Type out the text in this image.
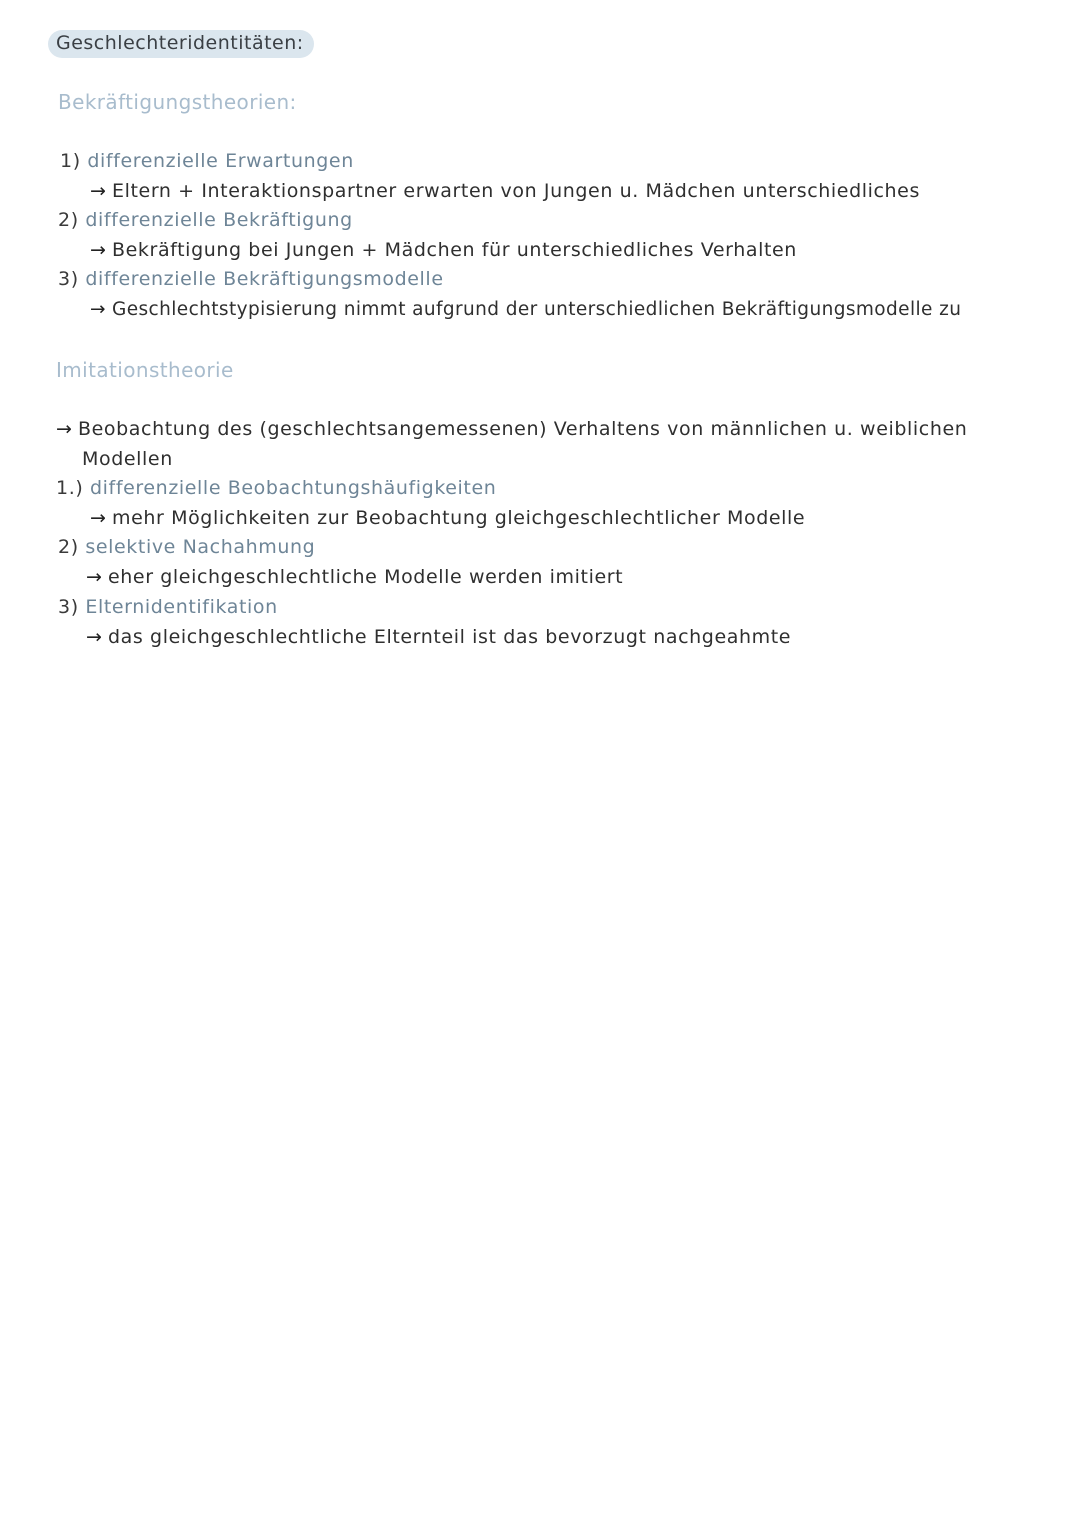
Geschlechteridentitäten:
Bekräftigungstheorien:
1) differenzielle Erwartungen
→ Eltern + Interaktionspartner erwarten von Jungen u. Mädchen unterschiedliches
2) differenzielle Bekräftigung
→ Bekräftigung bei Jungen + Mädchen für unterschiedliches Verhalten
3) differenzielle Bekräftigungsmodelle
→ Geschlechtstypisierung nimmt aufgrund der unterschiedlichen Bekräftigungsmodelle zu
Imitationstheorie
→ Beobachtung des (geschlechtsangemessenen) Verhaltens von männlichen u. weiblichen
Modellen
1.) differenzielle Beobachtungshäufigkeiten
→ mehr Möglichkeiten zur Beobachtung gleichgeschlechtlicher Modelle
2) selektive Nachahmung
→ eher gleichgeschlechtliche Modelle werden imitiert
3) Elternidentifikation
→ das gleichgeschlechtliche Elternteil ist das bevorzugt nachgeahmte
